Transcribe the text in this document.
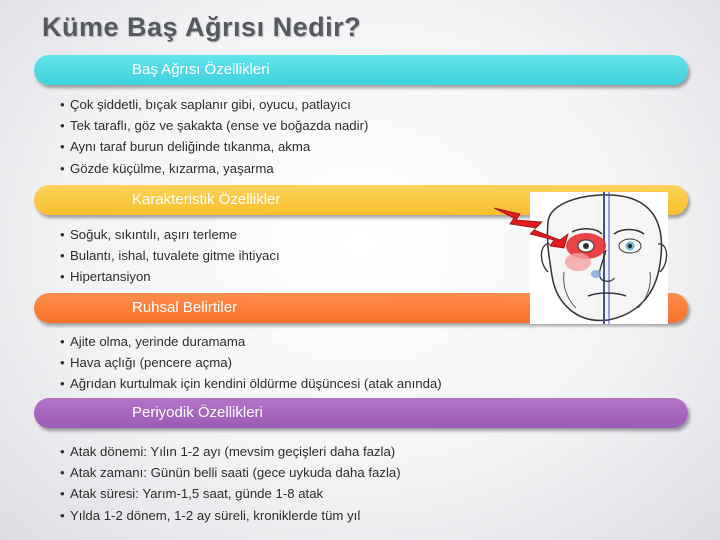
Küme Baş Ağrısı Nedir?
Baş Ağrısı Özellikleri
• Çok şiddetli, bıçak saplanır gibi, oyucu, patlayıcı
• Tek taraflı, göz ve şakakta (ense ve boğazda nadir)
• Aynı taraf burun deliğinde tıkanma, akma
• Gözde küçülme, kızarma, yaşarma
Karakteristik Özellikler
• Soğuk, sıkıntılı, aşırı terleme
• Bulantı, ishal, tuvalete gitme ihtiyacı
• Hipertansiyon
Ruhsal Belirtiler
• Ajite olma, yerinde duramama
• Hava açlığı (pencere açma)
• Ağrıdan kurtulmak için kendini öldürme düşüncesi (atak anında)
Periyodik Özellikleri
• Atak dönemi: Yılın 1-2 ayı (mevsim geçişleri daha fazla)
• Atak zamanı: Günün belli saati (gece uykuda daha fazla)
• Atak süresi: Yarım-1,5 saat, günde 1-8 atak
• Yılda 1-2 dönem, 1-2 ay süreli, kroniklerde tüm yıl
